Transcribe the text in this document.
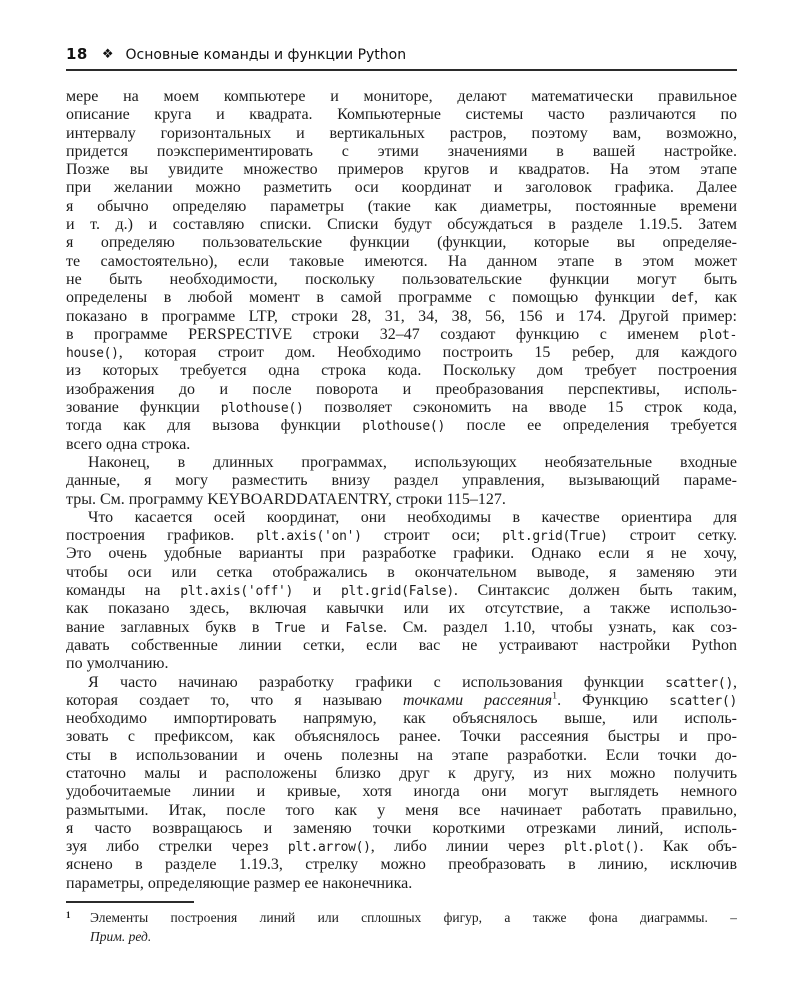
18 ❖ Основные команды и функции Python
мере на моем компьютере и мониторе, делают математически правильное
описание круга и квадрата. Компьютерные системы часто различаются по
интервалу горизонтальных и вертикальных растров, поэтому вам, возможно,
придется поэкспериментировать с этими значениями в вашей настройке.
Позже вы увидите множество примеров кругов и квадратов. На этом этапе
при желании можно разметить оси координат и заголовок графика. Далее
я обычно определяю параметры (такие как диаметры, постоянные времени
и т. д.) и составляю списки. Списки будут обсуждаться в разделе 1.19.5. Затем
я определяю пользовательские функции (функции, которые вы определяе-
те самостоятельно), если таковые имеются. На данном этапе в этом может
не быть необходимости, поскольку пользовательские функции могут быть
определены в любой момент в самой программе с помощью функции def, как
показано в программе LTP, строки 28, 31, 34, 38, 56, 156 и 174. Другой пример:
в программе PERSPECTIVE строки 32–47 создают функцию с именем plot-
house(), которая строит дом. Необходимо построить 15 ребер, для каждого
из которых требуется одна строка кода. Поскольку дом требует построения
изображения до и после поворота и преобразования перспективы, исполь-
зование функции plothouse() позволяет сэкономить на вводе 15 строк кода,
тогда как для вызова функции plothouse() после ее определения требуется
всего одна строка.
Наконец, в длинных программах, использующих необязательные входные
данные, я могу разместить внизу раздел управления, вызывающий параме-
тры. См. программу KEYBOARDDATAENTRY, строки 115–127.
Что касается осей координат, они необходимы в качестве ориентира для
построения графиков. plt.axis('on') строит оси; plt.grid(True) строит сетку.
Это очень удобные варианты при разработке графики. Однако если я не хочу,
чтобы оси или сетка отображались в окончательном выводе, я заменяю эти
команды на plt.axis('off') и plt.grid(False). Синтаксис должен быть таким,
как показано здесь, включая кавычки или их отсутствие, а также использо-
вание заглавных букв в True и False. См. раздел 1.10, чтобы узнать, как соз-
давать собственные линии сетки, если вас не устраивают настройки Python
по умолчанию.
Я часто начинаю разработку графики с использования функции scatter(),
которая создает то, что я называю точками рассеяния$^1$. Функцию scatter()
необходимо импортировать напрямую, как объяснялось выше, или исполь-
зовать с префиксом, как объяснялось ранее. Точки рассеяния быстры и про-
сты в использовании и очень полезны на этапе разработки. Если точки до-
статочно малы и расположены близко друг к другу, из них можно получить
удобочитаемые линии и кривые, хотя иногда они могут выглядеть немного
размытыми. Итак, после того как у меня все начинает работать правильно,
я часто возвращаюсь и заменяю точки короткими отрезками линий, исполь-
зуя либо стрелки через plt.arrow(), либо линии через plt.plot(). Как объ-
яснено в разделе 1.19.3, стрелку можно преобразовать в линию, исключив
параметры, определяющие размер ее наконечника.
1	Элементы построения линий или сплошных фигур, а также фона диаграммы. –
Прим. ред.
